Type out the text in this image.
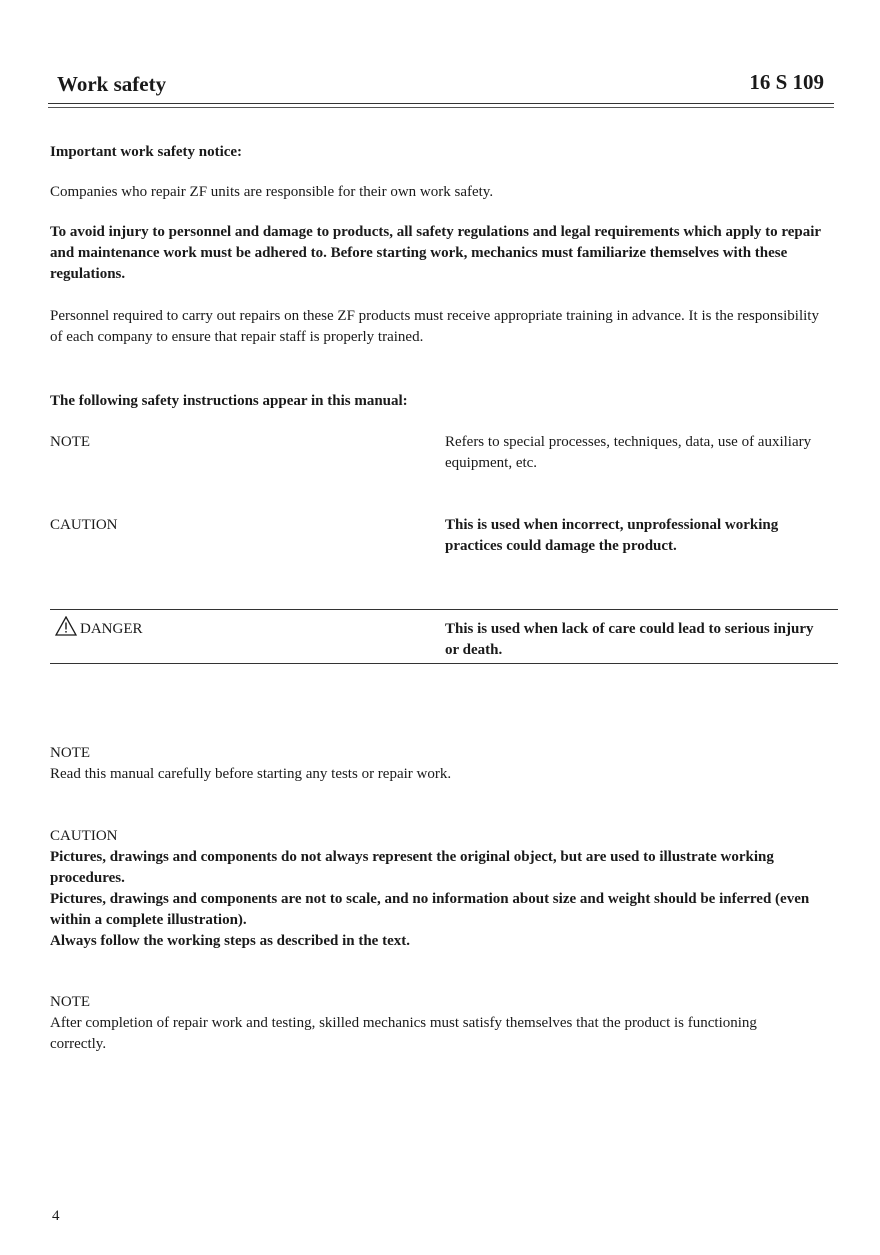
Work safety	16 S 109
Important work safety notice:
Companies who repair ZF units are responsible for their own work safety.
To avoid injury to personnel and damage to products, all safety regulations and legal requirements which apply to repair and maintenance work must be adhered to. Before starting work, mechanics must familiarize themselves with these regulations.
Personnel required to carry out repairs on these ZF products must receive appropriate training in advance. It is the responsibility of each company to ensure that repair staff is properly trained.
The following safety instructions appear in this manual:
NOTE	Refers to special processes, techniques, data, use of auxiliary equipment, etc.
CAUTION	This is used when incorrect, unprofessional working practices could damage the product.
DANGER	This is used when lack of care could lead to serious injury or death.
NOTE
Read this manual carefully before starting any tests or repair work.
CAUTION
Pictures, drawings and components do not always represent the original object, but are used to illustrate working procedures.
Pictures, drawings and components are not to scale, and no information about size and weight should be inferred (even within a complete illustration).
Always follow the working steps as described in the text.
NOTE
After completion of repair work and testing, skilled mechanics must satisfy themselves that the product is functioning correctly.
4
